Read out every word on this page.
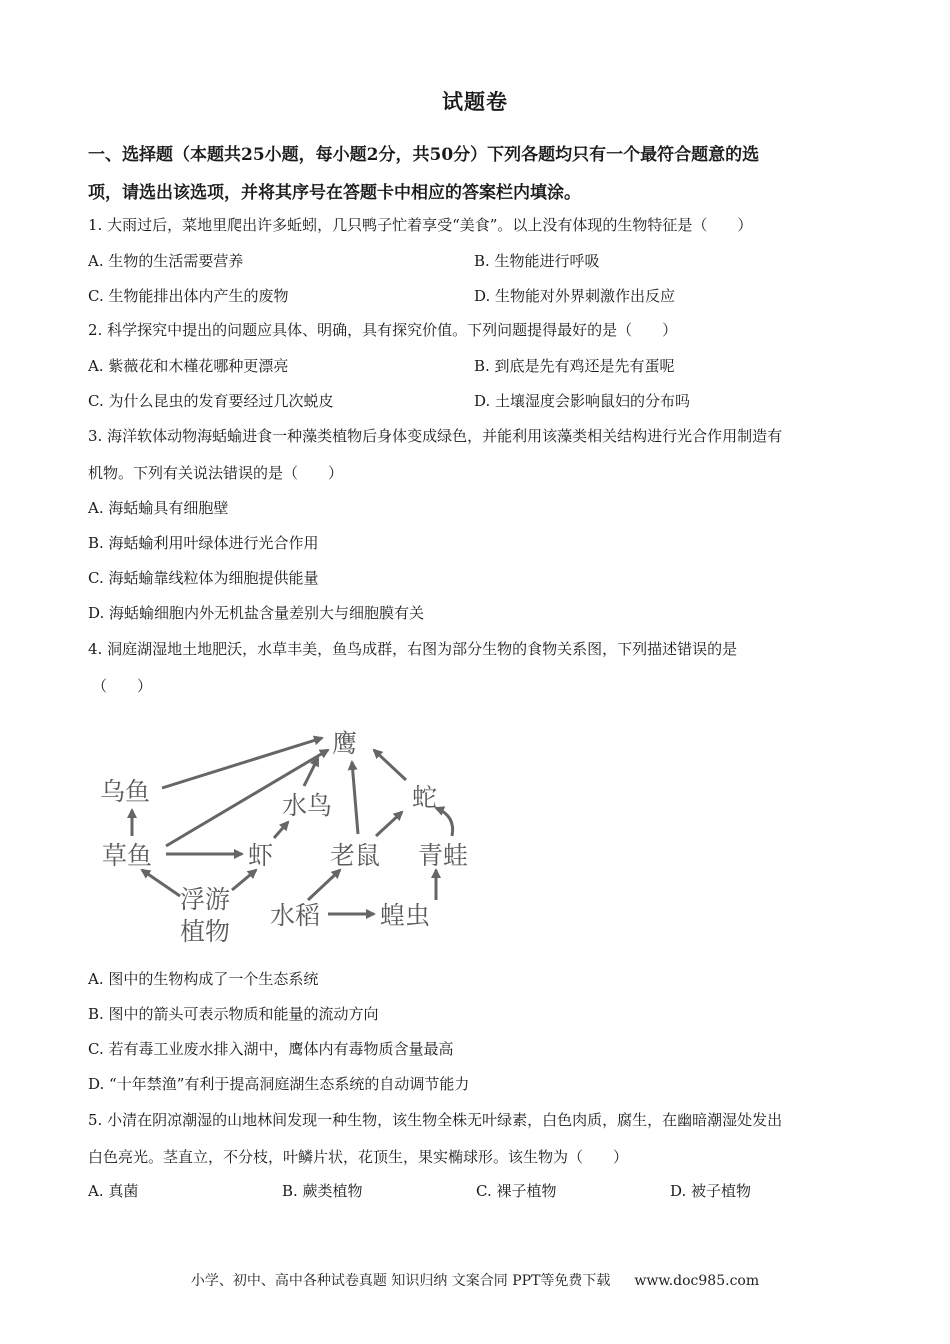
试题卷
一、选择题（本题共25小题，每小题2分，共50分）下列各题均只有一个最符合题意的选
项，请选出该选项，并将其序号在答题卡中相应的答案栏内填涂。
1. 大雨过后，菜地里爬出许多蚯蚓，几只鸭子忙着享受“美食”。以上没有体现的生物特征是（　　）
A. 生物的生活需要营养	B. 生物能进行呼吸
C. 生物能排出体内产生的废物	D. 生物能对外界刺激作出反应
2. 科学探究中提出的问题应具体、明确，具有探究价值。下列问题提得最好的是（　　）
A. 紫薇花和木槿花哪种更漂亮	B. 到底是先有鸡还是先有蛋呢
C. 为什么昆虫的发育要经过几次蜕皮	D. 土壤湿度会影响鼠妇的分布吗
3. 海洋软体动物海蛞蝓进食一种藻类植物后身体变成绿色，并能利用该藻类相关结构进行光合作用制造有
机物。下列有关说法错误的是（　　）
A. 海蛞蝓具有细胞壁
B. 海蛞蝓利用叶绿体进行光合作用
C. 海蛞蝓靠线粒体为细胞提供能量
D. 海蛞蝓细胞内外无机盐含量差别大与细胞膜有关
4. 洞庭湖湿地土地肥沃，水草丰美，鱼鸟成群，右图为部分生物的食物关系图，下列描述错误的是
（　　）
鹰
蛇
水鸟
乌鱼
草鱼	虾 老鼠 青蛙
浮游
植物
水稻 蝗虫
A. 图中的生物构成了一个生态系统
B. 图中的箭头可表示物质和能量的流动方向
C. 若有毒工业废水排入湖中，鹰体内有毒物质含量最高
D. “十年禁渔”有利于提高洞庭湖生态系统的自动调节能力
5. 小清在阴凉潮湿的山地林间发现一种生物，该生物全株无叶绿素，白色肉质，腐生，在幽暗潮湿处发出
白色亮光。茎直立，不分枝，叶鳞片状，花顶生，果实椭球形。该生物为（　　）
A. 真菌	B. 蕨类植物	C. 裸子植物	D. 被子植物
小学、初中、高中各种试卷真题 知识归纳 文案合同 PPT等免费下载 www.doc985.com
